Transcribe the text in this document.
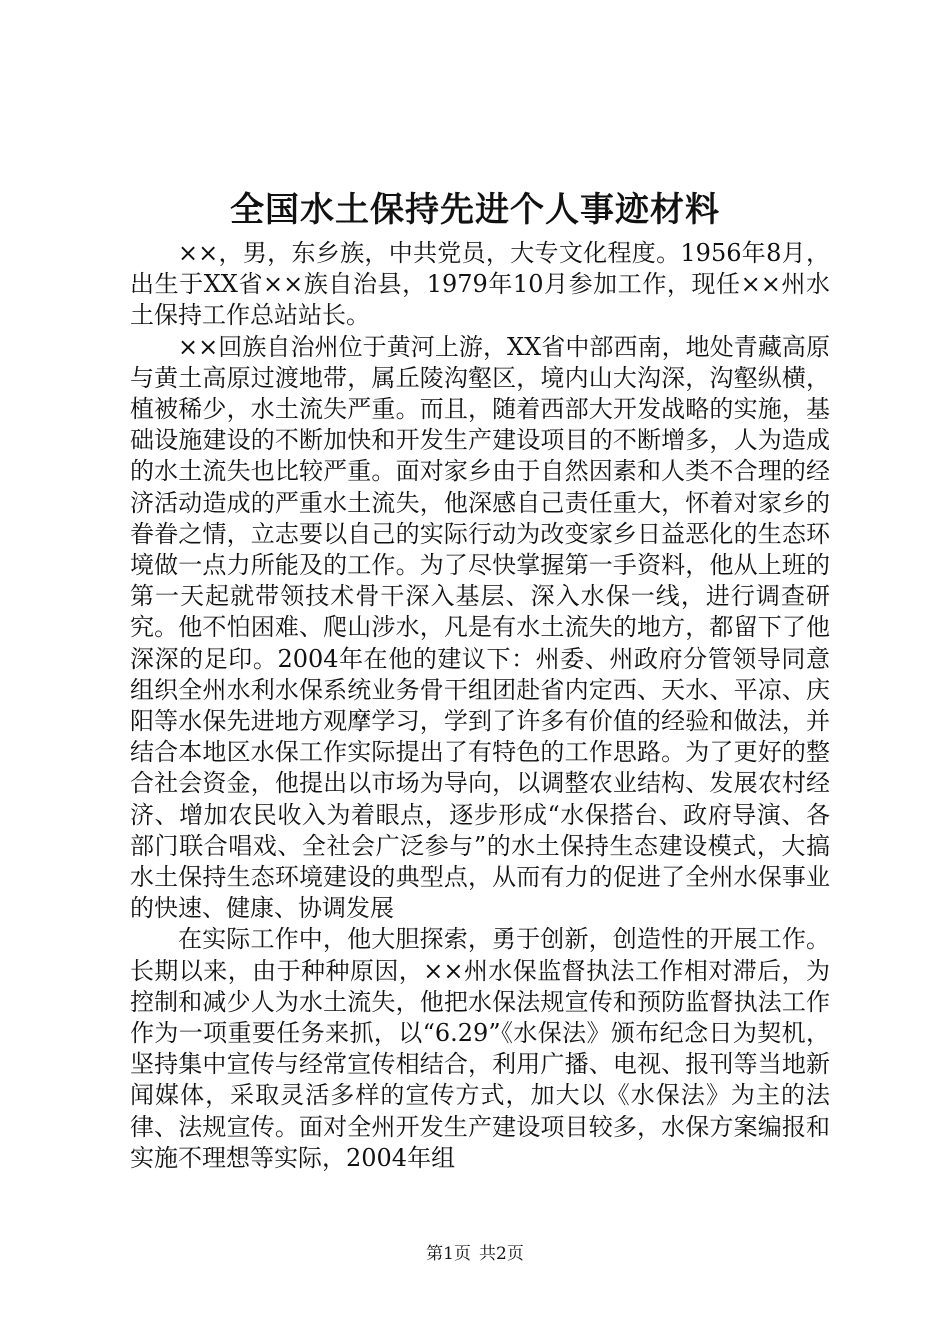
全国水土保持先进个人事迹材料

××，男，东乡族，中共党员，大专文化程度。1956年8月，出生于XX省××族自治县，1979年10月参加工作，现任××州水土保持工作总站站长。

××回族自治州位于黄河上游，XX省中部西南，地处青藏高原与黄土高原过渡地带，属丘陵沟壑区，境内山大沟深，沟壑纵横，植被稀少，水土流失严重。而且，随着西部大开发战略的实施，基础设施建设的不断加快和开发生产建设项目的不断增多，人为造成的水土流失也比较严重。面对家乡由于自然因素和人类不合理的经济活动造成的严重水土流失，他深感自己责任重大，怀着对家乡的眷眷之情，立志要以自己的实际行动为改变家乡日益恶化的生态环境做一点力所能及的工作。为了尽快掌握第一手资料，他从上班的第一天起就带领技术骨干深入基层、深入水保一线，进行调查研究。他不怕困难、爬山涉水，凡是有水土流失的地方，都留下了他深深的足印。2004年在他的建议下：州委、州政府分管领导同意组织全州水利水保系统业务骨干组团赴省内定西、天水、平凉、庆阳等水保先进地方观摩学习，学到了许多有价值的经验和做法，并结合本地区水保工作实际提出了有特色的工作思路。为了更好的整合社会资金，他提出以市场为导向，以调整农业结构、发展农村经济、增加农民收入为着眼点，逐步形成“水保搭台、政府导演、各部门联合唱戏、全社会广泛参与”的水土保持生态建设模式，大搞水土保持生态环境建设的典型点，从而有力的促进了全州水保事业的快速、健康、协调发展

在实际工作中，他大胆探索，勇于创新，创造性的开展工作。长期以来，由于种种原因，××州水保监督执法工作相对滞后，为控制和减少人为水土流失，他把水保法规宣传和预防监督执法工作作为一项重要任务来抓，以“6.29”《水保法》颁布纪念日为契机，坚持集中宣传与经常宣传相结合，利用广播、电视、报刊等当地新闻媒体，采取灵活多样的宣传方式，加大以《水保法》为主的法律、法规宣传。面对全州开发生产建设项目较多，水保方案编报和实施不理想等实际，2004年组

第1页 共2页
